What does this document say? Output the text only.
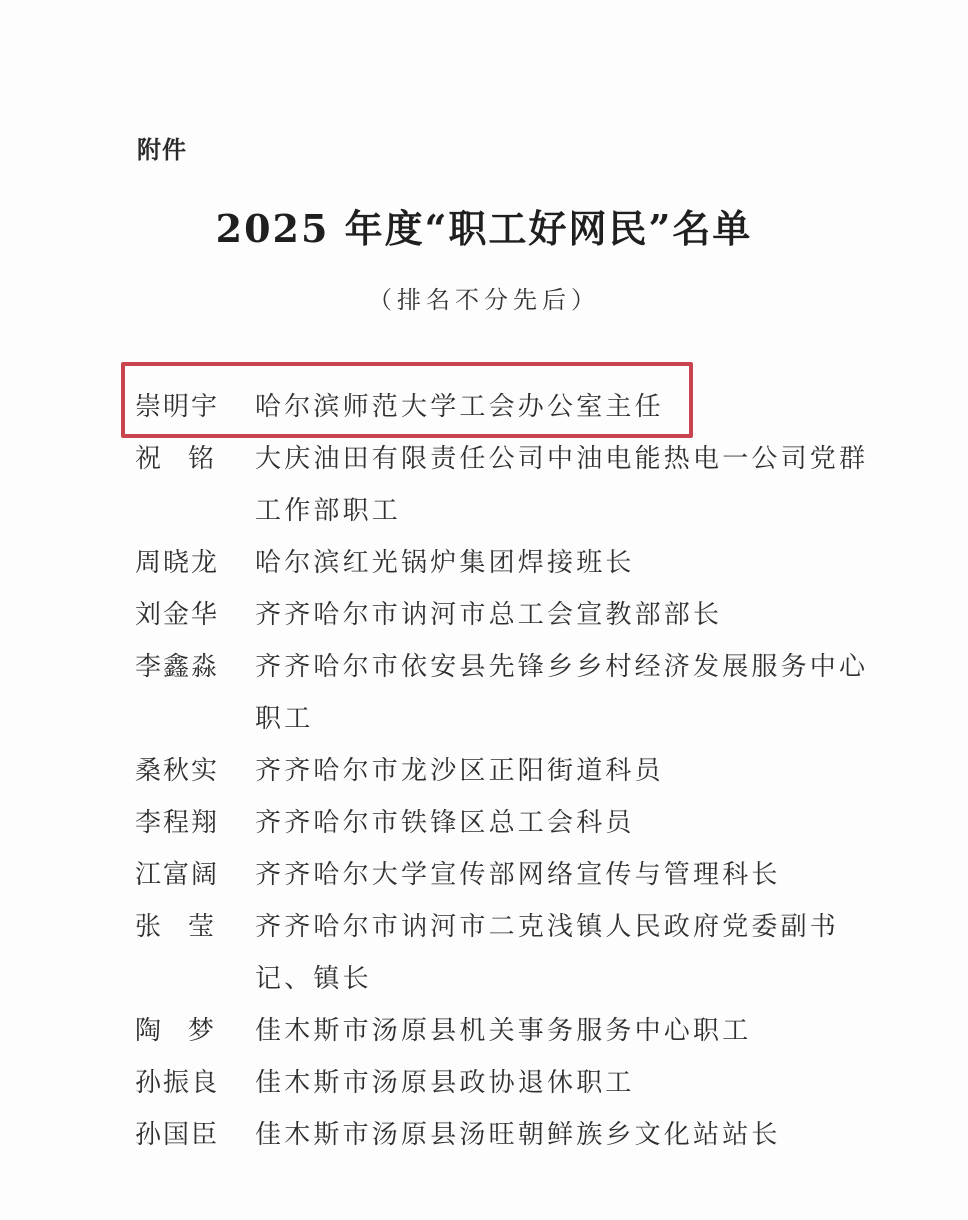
附件
2025 年度“职工好网民”名单
（排名不分先后）
崇明宇	哈尔滨师范大学工会办公室主任
祝铭 大庆油田有限责任公司中油电能热电一公司党群工作部职工
周晓龙	哈尔滨红光锅炉集团焊接班长
刘金华	齐齐哈尔市讷河市总工会宣教部部长
李鑫淼	齐齐哈尔市依安县先锋乡乡村经济发展服务中心职工
桑秋实	齐齐哈尔市龙沙区正阳街道科员
李程翔	齐齐哈尔市铁锋区总工会科员
江富阔	齐齐哈尔大学宣传部网络宣传与管理科长
张莹 齐齐哈尔市讷河市二克浅镇人民政府党委副书记、镇长
陶梦 佳木斯市汤原县机关事务服务中心职工
孙振良	佳木斯市汤原县政协退休职工
孙国臣	佳木斯市汤原县汤旺朝鲜族乡文化站站长
